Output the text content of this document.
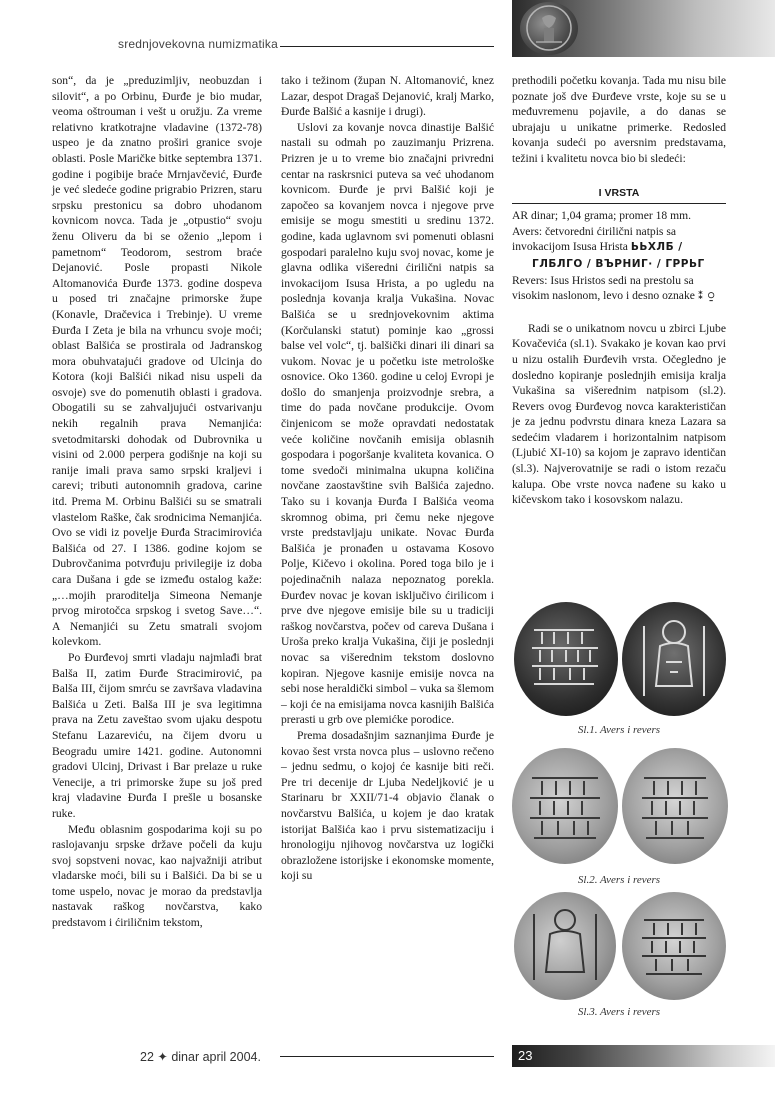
srednjovekovna numizmatika

son“, da je „preduzimljiv, neobuzdan i silovit“, a po Orbinu, Đurđe je bio mudar, veoma oštrouman i vešt u oružju. Za vreme relativno kratkotrajne vladavine (1372-78) uspeo je da znatno proširi granice svoje oblasti. Posle Maričke bitke septembra 1371. godine i pogibije braće Mrnjavčević, Đurđe je već sledeće godine prigrabio Prizren, staru srpsku prestonicu sa dobro uhodanom kovnicom novca. Tada je „otpustio“ svoju ženu Oliveru da bi se oženio „lepom i pametnom“ Teodorom, sestrom braće Dejanović. Posle propasti Nikole Altomanovića Đurđe 1373. godine dospeva u posed tri značajne primorske župe (Konavle, Dračevica i Trebinje). U vreme Đurđa I Zeta je bila na vrhuncu svoje moći; oblast Balšića se prostirala od Jadranskog mora obuhvatajući gradove od Ulcinja do Kotora (koji Balšići nikad nisu uspeli da osvoje) sve do pomenutih oblasti i gradova. Obogatili su se zahvaljujući ostvarivanju nekih regalnih prava Nemanjića: svetodmitarski dohodak od Dubrovnika u visini od 2.000 perpera godišnje na koji su ranije imali prava samo srpski kraljevi i carevi; tributi autonomnih gradova, carine itd. Prema M. Orbinu Balšići su se smatrali vlastelom Raške, čak srodnicima Nemanjića. Ovo se vidi iz povelje Đurđa Stracimirovića Balšića od 27. I 1386. godine kojom se Dubrovčanima potvrđuju privilegije iz doba cara Dušana i gde se između ostalog kaže: „…mojih praroditelja Simeona Nemanje prvog mirotočca srpskog i svetog Save…“. A Nemanjići su Zetu smatrali svojom kolevkom.

Po Đurđevoj smrti vladaju najmlađi brat Balša II, zatim Đurđe Stracimirović, pa Balša III, čijom smrću se završava vladavina Balšića u Zeti. Balša III je sva legitimna prava na Zetu zaveštao svom ujaku despotu Stefanu Lazareviću, na čijem dvoru u Beogradu umire 1421. godine. Autonomni gradovi Ulcinj, Drivast i Bar prelaze u ruke Venecije, a tri primorske župe su još pred kraj vladavine Đurđa I prešle u bosanske ruke.

Među oblasnim gospodarima koji su po raslojavanju srpske države počeli da kuju svoj sopstveni novac, kao najvažniji atribut vladarske moći, bili su i Balšići. Da bi se u tome uspelo, novac je morao da predstavlja nastavak raškog novčarstva, kako predstavom i ćiriličnim tekstom,

tako i težinom (župan N. Altomanović, knez Lazar, despot Dragaš Dejanović, kralj Marko, Đurđe Balšić a kasnije i drugi).

Uslovi za kovanje novca dinastije Balšić nastali su odmah po zauzimanju Prizrena. Prizren je u to vreme bio značajni privredni centar na raskrsnici puteva sa već uhodanom kovnicom. Đurđe je prvi Balšić koji je započeo sa kovanjem novca i njegove prve emisije se mogu smestiti u sredinu 1372. godine, kada uglavnom svi pomenuti oblasni gospodari paralelno kuju svoj novac, kome je glavna odlika višeredni ćirilični natpis sa invokacijom Isusa Hrista, a po ugledu na poslednja kovanja kralja Vukašina. Novac Balšića se u srednjovekovnim aktima (Korčulanski statut) pominje kao „grossi balse vel volc“, tj. balšički dinari ili dinari sa vukom. Novac je u početku iste metrološke osnovice. Oko 1360. godine u celoj Evropi je došlo do smanjenja proizvodnje srebra, a time do pada novčane produkcije. Ovom činjenicom se može opravdati nedostatak veće količine novčanih emisija oblasnih gospodara i pogoršanje kvaliteta kovanica. O tome svedoči minimalna ukupna količina novčane zaostavštine svih Balšića zajedno. Tako su i kovanja Đurđa I Balšića veoma skromnog obima, pri čemu neke njegove vrste predstavljaju unikate. Novac Đurđa Balšića je pronađen u ostavama Kosovo Polje, Kičevo i okolina. Pored toga bilo je i pojedinačnih nalaza nepoznatog porekla. Đurđev novac je kovan isključivo ćirilicom i prve dve njegove emisije bile su u tradiciji raškog novčarstva, počev od careva Dušana i Uroša preko kralja Vukašina, čiji je poslednji novac sa višerednim tekstom doslovno kopiran. Njegove kasnije emisije novca na sebi nose heraldički simbol – vuka sa šlemom – koji će na emisijama novca kasnijih Balšića prerasti u grb ove plemićke porodice.

Prema dosadašnjim saznanjima Đurđe je kovao šest vrsta novca plus – uslovno rečeno – jednu sedmu, o kojoj će kasnije biti reči. Pre tri decenije dr Ljuba Nedeljković je u Starinaru br XXII/71-4 objavio članak o novčarstvu Balšića, u kojem je dao kratak istorijat Balšića kao i prvu sistematizaciju i hronologiju njihovog novčarstva uz logički obrazložene istorijske i ekonomske momente, koji su

prethodili početku kovanja. Tada mu nisu bile poznate još dve Đurđeve vrste, koje su se u međuvremenu pojavile, a do danas se ubrajaju u unikatne primerke. Redosled kovanja sudeći po aversnim predstavama, težini i kvalitetu novca bio bi sledeći:

I VRSTA

AR dinar; 1,04 grama; promer 18 mm.

Avers: četvoredni ćirilični natpis sa invokacijom Isusa Hrista ЬЬХЛБ /

ГЛБЛГО / ВЪРНИГ· / ГРРЬГ

Revers: Isus Hristos sedi na prestolu sa visokim naslonom, levo i desno oznake ⁑ ⍜

Radi se o unikatnom novcu u zbirci Ljube Kovačevića (sl.1). Svakako je kovan kao prvi u nizu ostalih Đurđevih vrsta. Očegledno je dosledno kopiranje poslednjih emisija kralja Vukašina sa višerednim natpisom (sl.2). Revers ovog Đurđevog novca karakterističan je za jednu podvrstu dinara kneza Lazara sa sedećim vladarem i horizontalnim natpisom (Ljubić XI-10) sa kojom je zapravo identičan (sl.3). Najverovatnije se radi o istom rezaču kalupa. Obe vrste novca nađene su kako u kičevskom tako i kosovskom nalazu.

Sl.1. Avers i revers
Sl.2. Avers i revers
Sl.3. Avers i revers
22 ✦ dinar april 2004.	23
